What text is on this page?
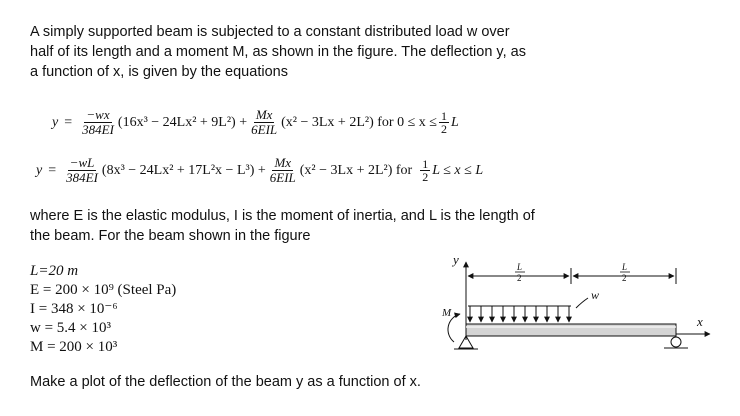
A simply supported beam is subjected to a constant distributed load w over half of its length and a moment M, as shown in the figure. The deflection y, as a function of x, is given by the equations
$y = \frac{-wx}{384EI} (16x^3 - 24Lx^2 + 9L^2) + \frac{Mx}{\text{6EIL}} (x^2 - 3Lx + 2L^2)$ for $0 \le x \le \frac{1}{2}$ L
$y = \frac{-wL}{384EI} (8x^3 - 24Lx^2 + 17L^2x - L^3) + \frac{Mx}{\text{6EIL}} (x^2 - 3Lx + 2L^2)$ for $\frac{1}{2}$ L ≤ x ≤ L
where E is the elastic modulus, I is the moment of inertia, and L is the length of the beam. For the beam shown in the figure
L=20 m
E = 200 × 10⁹ (Steel Pa)
I = 348 × 10⁻⁶
w = 5.4 × 10³
M = 200 × 10³
y
x
M
w
L
2
L
2
Make a plot of the deflection of the beam y as a function of x.
